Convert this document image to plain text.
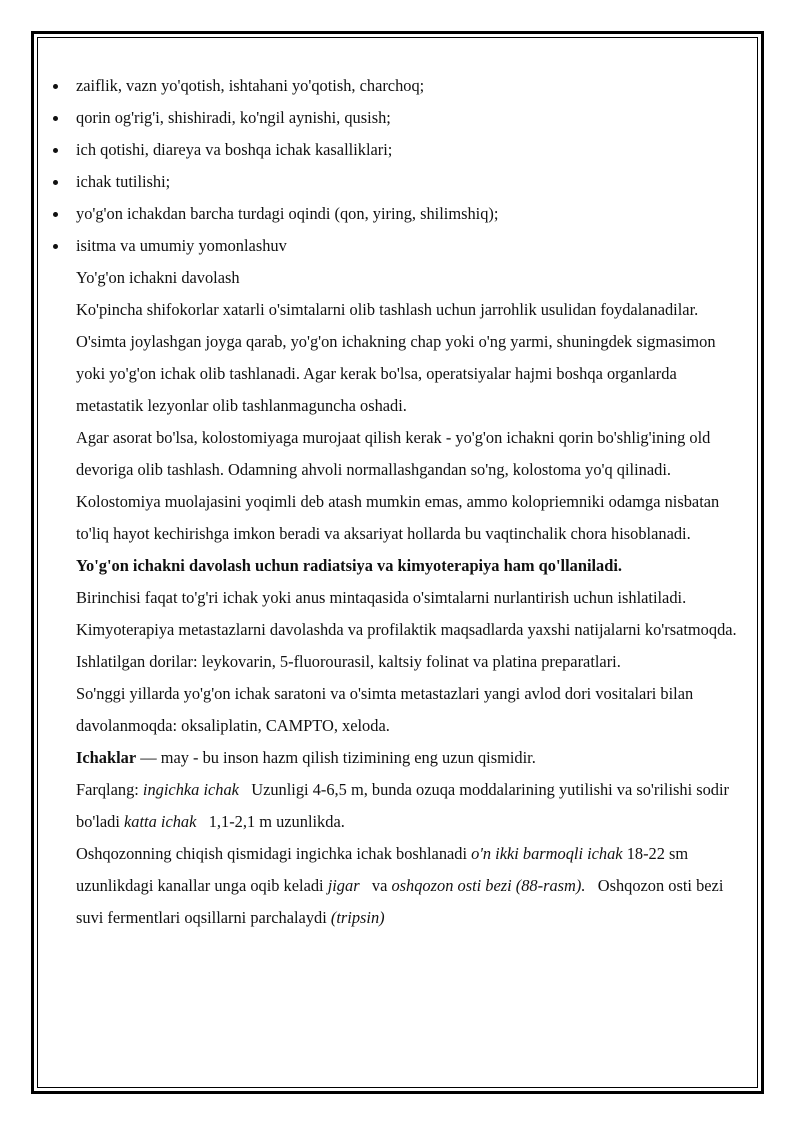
zaiflik, vazn yo'qotish, ishtahani yo'qotish, charchoq;
qorin og'rig'i, shishiradi, ko'ngil aynishi, qusish;
ich qotishi, diareya va boshqa ichak kasalliklari;
ichak tutilishi;
yo'g'on ichakdan barcha turdagi oqindi (qon, yiring, shilimshiq);
isitma va umumiy yomonlashuv

Yo'g'on ichakni davolash

Ko'pincha shifokorlar xatarli o'simtalarni olib tashlash uchun jarrohlik usulidan foydalanadilar. O'simta joylashgan joyga qarab, yo'g'on ichakning chap yoki o'ng yarmi, shuningdek sigmasimon yoki yo'g'on ichak olib tashlanadi. Agar kerak bo'lsa, operatsiyalar hajmi boshqa organlarda metastatik lezyonlar olib tashlanmaguncha oshadi.

Agar asorat bo'lsa, kolostomiyaga murojaat qilish kerak - yo'g'on ichakni qorin bo'shlig'ining old devoriga olib tashlash. Odamning ahvoli normallashgandan so'ng, kolostoma yo'q qilinadi. Kolostomiya muolajasini yoqimli deb atash mumkin emas, ammo kolopriemniki odamga nisbatan to'liq hayot kechirishga imkon beradi va aksariyat hollarda bu vaqtinchalik chora hisoblanadi.

Yo'g'on ichakni davolash uchun radiatsiya va kimyoterapiya ham qo'llaniladi.

Birinchisi faqat to'g'ri ichak yoki anus mintaqasida o'simtalarni nurlantirish uchun ishlatiladi. Kimyoterapiya metastazlarni davolashda va profilaktik maqsadlarda yaxshi natijalarni ko'rsatmoqda. Ishlatilgan dorilar: leykovarin, 5-fluorourasil, kaltsiy folinat va platina preparatlari.

So'nggi yillarda yo'g'on ichak saratoni va o'simta metastazlari yangi avlod dori vositalari bilan davolanmoqda: oksaliplatin, CAMPTO, xeloda.

Ichaklar — may - bu inson hazm qilish tizimining eng uzun qismidir.

Farqlang: ingichka ichak   Uzunligi 4-6,5 m, bunda ozuqa moddalarining yutilishi va so'rilishi sodir bo'ladi katta ichak   1,1-2,1 m uzunlikda.

Oshqozonning chiqish qismidagi ingichka ichak boshlanadi o'n ikki barmoqli ichak 18-22 sm uzunlikdagi kanallar unga oqib keladi jigar   va oshqozon osti bezi (88-rasm).   Oshqozon osti bezi suvi fermentlari oqsillarni parchalaydi (tripsin)
